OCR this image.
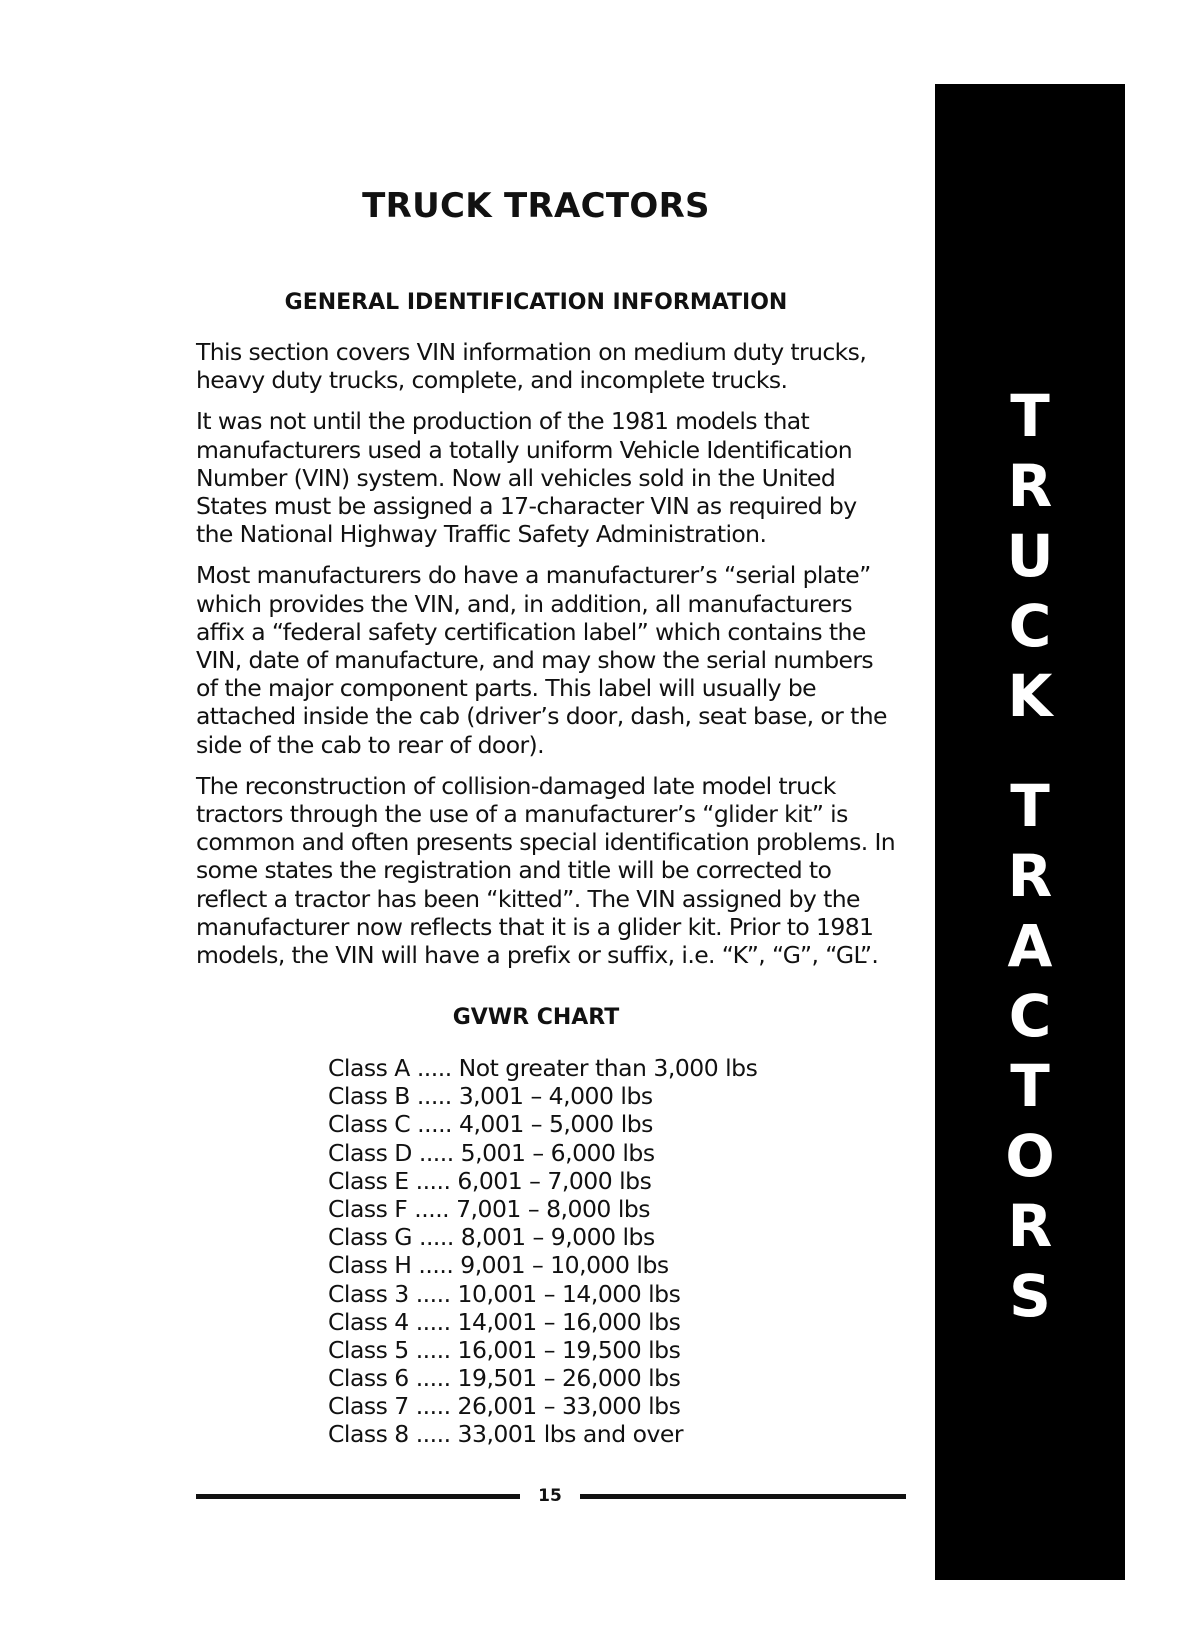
TRUCK TRACTORS
GENERAL IDENTIFICATION INFORMATION

This section covers VIN information on medium duty trucks, heavy duty trucks, complete, and incomplete trucks.

It was not until the production of the 1981 models that manufacturers used a totally uniform Vehicle Identification Number (VIN) system. Now all vehicles sold in the United States must be assigned a 17-character VIN as required by the National Highway Traffic Safety Administration.

Most manufacturers do have a manufacturer’s “serial plate” which provides the VIN, and, in addition, all manufacturers affix a “federal safety certification label” which contains the VIN, date of manufacture, and may show the serial numbers of the major component parts. This label will usually be attached inside the cab (driver’s door, dash, seat base, or the side of the cab to rear of door).

The reconstruction of collision-damaged late model truck tractors through the use of a manufacturer’s “glider kit” is common and often presents special identification problems. In some states the registration and title will be corrected to reflect a tractor has been “kitted”. The VIN assigned by the manufacturer now reflects that it is a glider kit. Prior to 1981 models, the VIN will have a prefix or suffix, i.e. “K”, “G”, “GL”.

GVWR CHART
Class A ..... Not greater than 3,000 lbs
Class B ..... 3,001 – 4,000 lbs
Class C ..... 4,001 – 5,000 lbs
Class D ..... 5,001 – 6,000 lbs
Class E ..... 6,001 – 7,000 lbs
Class F ..... 7,001 – 8,000 lbs
Class G ..... 8,001 – 9,000 lbs
Class H ..... 9,001 – 10,000 lbs
Class 3 ..... 10,001 – 14,000 lbs
Class 4 ..... 14,001 – 16,000 lbs
Class 5 ..... 16,001 – 19,500 lbs
Class 6 ..... 19,501 – 26,000 lbs
Class 7 ..... 26,001 – 33,000 lbs
Class 8 ..... 33,001 lbs and over
15
T
R
U
C
K
T
R
A
C
T
O
R
S
